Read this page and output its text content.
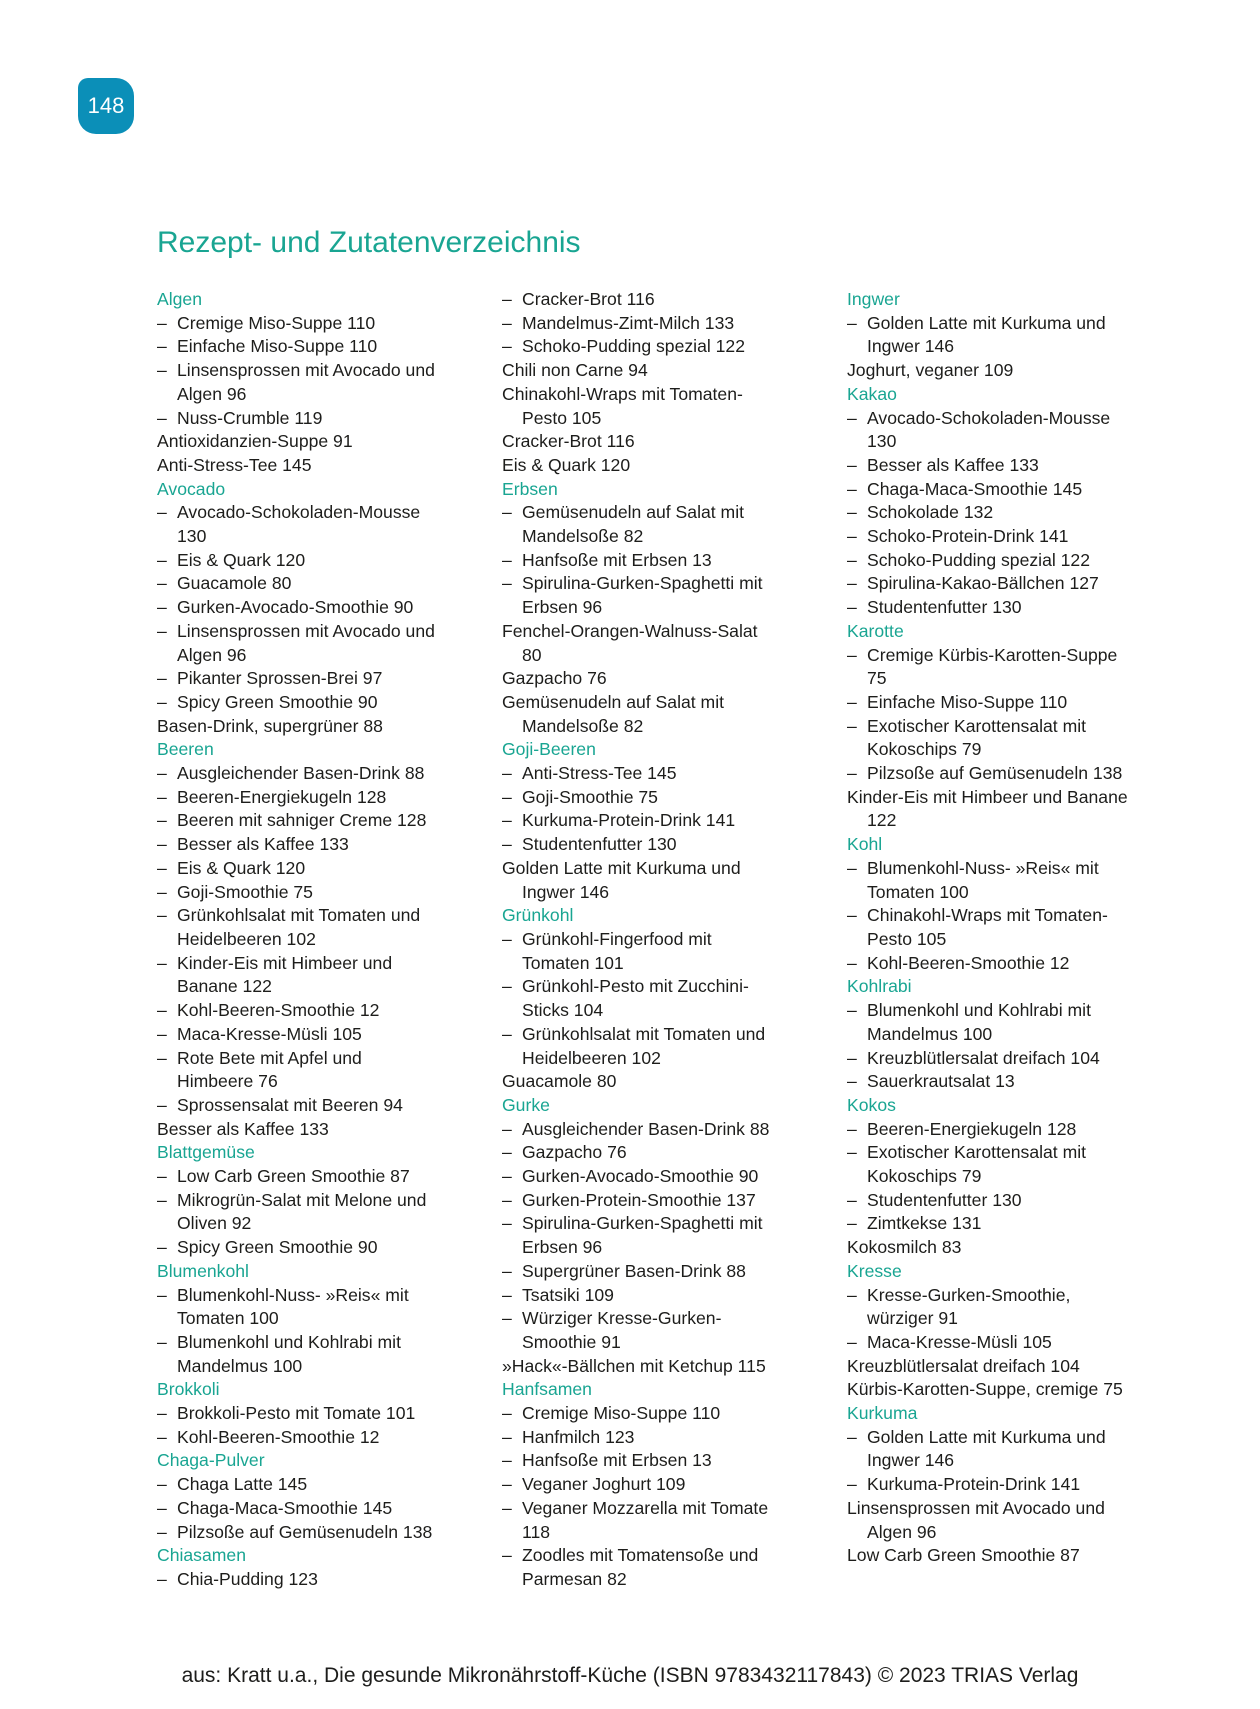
148
Rezept- und Zutatenverzeichnis
Algen
– Cremige Miso-Suppe 110
– Einfache Miso-Suppe 110
– Linsensprossen mit Avocado und
Algen 96
– Nuss-Crumble 119
Antioxidanzien-Suppe 91
Anti-Stress-Tee 145
Avocado
– Avocado-Schokoladen-Mousse
130
– Eis & Quark 120
– Guacamole 80
– Gurken-Avocado-Smoothie 90
– Linsensprossen mit Avocado und
Algen 96
– Pikanter Sprossen-Brei 97
– Spicy Green Smoothie 90
Basen-Drink, supergrüner 88
Beeren
– Ausgleichender Basen-Drink 88
– Beeren-Energiekugeln 128
– Beeren mit sahniger Creme 128
– Besser als Kaffee 133
– Eis & Quark 120
– Goji-Smoothie 75
– Grünkohlsalat mit Tomaten und
Heidelbeeren 102
– Kinder-Eis mit Himbeer und
Banane 122
– Kohl-Beeren-Smoothie 12
– Maca-Kresse-Müsli 105
– Rote Bete mit Apfel und
Himbeere 76
– Sprossensalat mit Beeren 94
Besser als Kaffee 133
Blattgemüse
– Low Carb Green Smoothie 87
– Mikrogrün-Salat mit Melone und
Oliven 92
– Spicy Green Smoothie 90
Blumenkohl
– Blumenkohl-Nuss- »Reis« mit
Tomaten 100
– Blumenkohl und Kohlrabi mit
Mandelmus 100
Brokkoli
– Brokkoli-Pesto mit Tomate 101
– Kohl-Beeren-Smoothie 12
Chaga-Pulver
– Chaga Latte 145
– Chaga-Maca-Smoothie 145
– Pilzsoße auf Gemüsenudeln 138
Chiasamen
– Chia-Pudding 123
– Cracker-Brot 116
– Mandelmus-Zimt-Milch 133
– Schoko-Pudding spezial 122
Chili non Carne 94
Chinakohl-Wraps mit Tomaten-
Pesto 105
Cracker-Brot 116
Eis & Quark 120
Erbsen
– Gemüsenudeln auf Salat mit
Mandelsoße 82
– Hanfsoße mit Erbsen 13
– Spirulina-Gurken-Spaghetti mit
Erbsen 96
Fenchel-Orangen-Walnuss-Salat
80
Gazpacho 76
Gemüsenudeln auf Salat mit
Mandelsoße 82
Goji-Beeren
– Anti-Stress-Tee 145
– Goji-Smoothie 75
– Kurkuma-Protein-Drink 141
– Studentenfutter 130
Golden Latte mit Kurkuma und
Ingwer 146
Grünkohl
– Grünkohl-Fingerfood mit
Tomaten 101
– Grünkohl-Pesto mit Zucchini-
Sticks 104
– Grünkohlsalat mit Tomaten und
Heidelbeeren 102
Guacamole 80
Gurke
– Ausgleichender Basen-Drink 88
– Gazpacho 76
– Gurken-Avocado-Smoothie 90
– Gurken-Protein-Smoothie 137
– Spirulina-Gurken-Spaghetti mit
Erbsen 96
– Supergrüner Basen-Drink 88
– Tsatsiki 109
– Würziger Kresse-Gurken-
Smoothie 91
»Hack«-Bällchen mit Ketchup 115
Hanfsamen
– Cremige Miso-Suppe 110
– Hanfmilch 123
– Hanfsoße mit Erbsen 13
– Veganer Joghurt 109
– Veganer Mozzarella mit Tomate
118
– Zoodles mit Tomatensoße und
Parmesan 82
Ingwer
– Golden Latte mit Kurkuma und
Ingwer 146
Joghurt, veganer 109
Kakao
– Avocado-Schokoladen-Mousse
130
– Besser als Kaffee 133
– Chaga-Maca-Smoothie 145
– Schokolade 132
– Schoko-Protein-Drink 141
– Schoko-Pudding spezial 122
– Spirulina-Kakao-Bällchen 127
– Studentenfutter 130
Karotte
– Cremige Kürbis-Karotten-Suppe
75
– Einfache Miso-Suppe 110
– Exotischer Karottensalat mit
Kokoschips 79
– Pilzsoße auf Gemüsenudeln 138
Kinder-Eis mit Himbeer und Banane
122
Kohl
– Blumenkohl-Nuss- »Reis« mit
Tomaten 100
– Chinakohl-Wraps mit Tomaten-
Pesto 105
– Kohl-Beeren-Smoothie 12
Kohlrabi
– Blumenkohl und Kohlrabi mit
Mandelmus 100
– Kreuzblütlersalat dreifach 104
– Sauerkrautsalat 13
Kokos
– Beeren-Energiekugeln 128
– Exotischer Karottensalat mit
Kokoschips 79
– Studentenfutter 130
– Zimtkekse 131
Kokosmilch 83
Kresse
– Kresse-Gurken-Smoothie,
würziger 91
– Maca-Kresse-Müsli 105
Kreuzblütlersalat dreifach 104
Kürbis-Karotten-Suppe, cremige 75
Kurkuma
– Golden Latte mit Kurkuma und
Ingwer 146
– Kurkuma-Protein-Drink 141
Linsensprossen mit Avocado und
Algen 96
Low Carb Green Smoothie 87
aus: Kratt u.a., Die gesunde Mikronährstoff-Küche (ISBN 9783432117843) © 2023 TRIAS Verlag
